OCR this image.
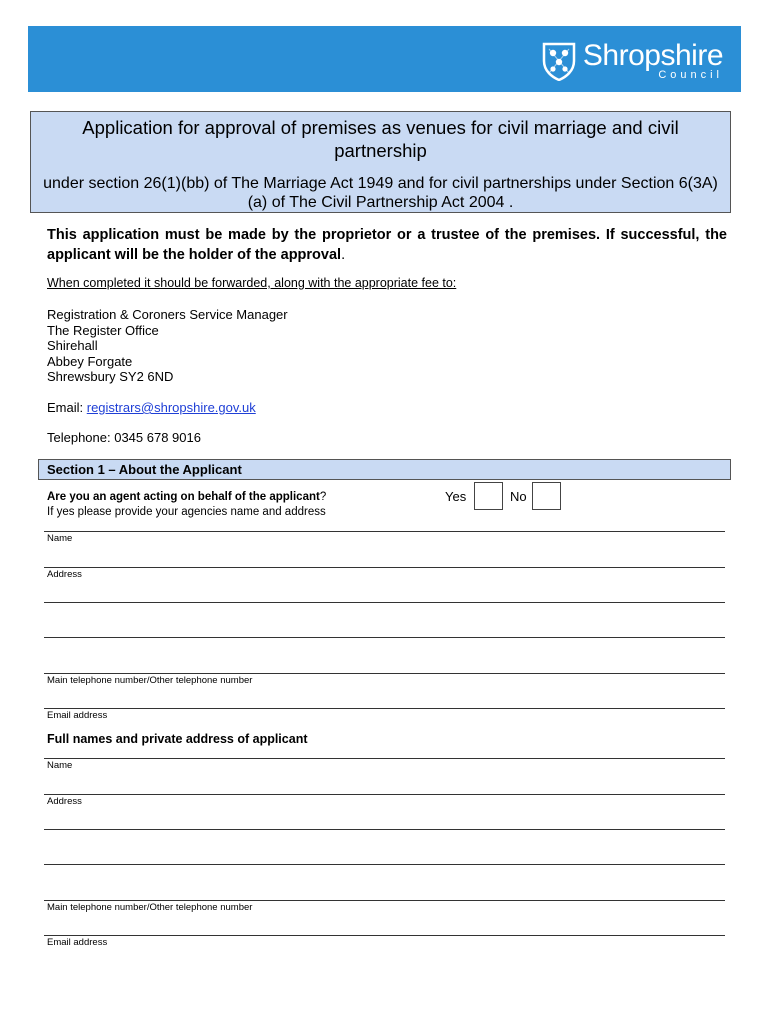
Shropshire
Council
Application for approval of premises as venues for civil marriage and civil partnership
under section 26(1)(bb) of The Marriage Act 1949 and for civil partnerships under Section 6(3A)(a) of The Civil Partnership Act 2004 .
This application must be made by the proprietor or a trustee of the premises. If successful, the applicant will be the holder of the approval.
When completed it should be forwarded, along with the appropriate fee to:
Registration & Coroners Service Manager
The Register Office
Shirehall
Abbey Forgate
Shrewsbury SY2 6ND
Email: registrars@shropshire.gov.uk
Telephone: 0345 678 9016
Section 1 – About the Applicant
Are you an agent acting on behalf of the applicant?
If yes please provide your agencies name and address
Yes	No
Name
Address
Main telephone number/Other telephone number
Email address
Full names and private address of applicant
Name
Address
Main telephone number/Other telephone number
Email address
